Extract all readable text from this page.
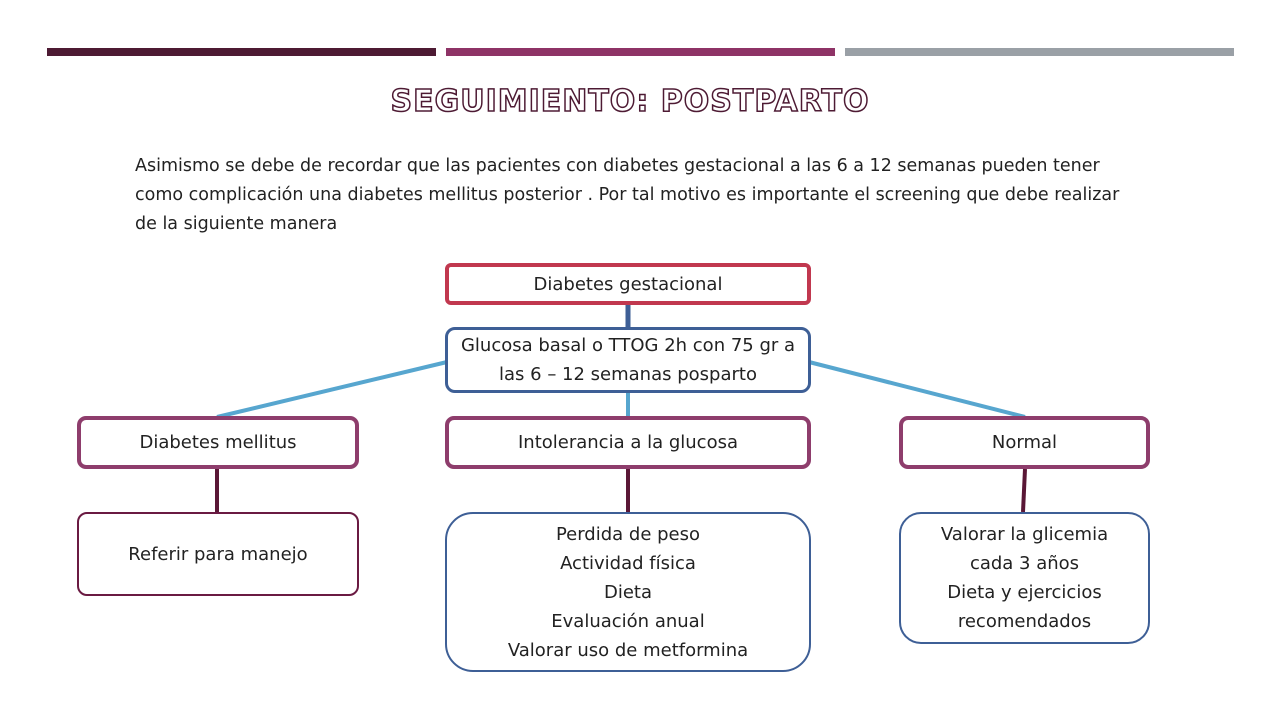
SEGUIMIENTO: POSTPARTO

Asimismo se debe de recordar que las pacientes con diabetes gestacional a las 6 a 12 semanas pueden tener como complicación una diabetes mellitus posterior . Por tal motivo es importante el screening que debe realizar de la siguiente manera

Diabetes gestacional
Glucosa basal o TTOG 2h con 75 gr a las 6 – 12 semanas posparto
Diabetes mellitus	Intolerancia a la glucosa	Normal
Referir para manejo
Perdida de peso
Actividad física
Dieta
Evaluación anual
Valorar uso de metformina
Valorar la glicemia
cada 3 años
Dieta y ejercicios
recomendados
